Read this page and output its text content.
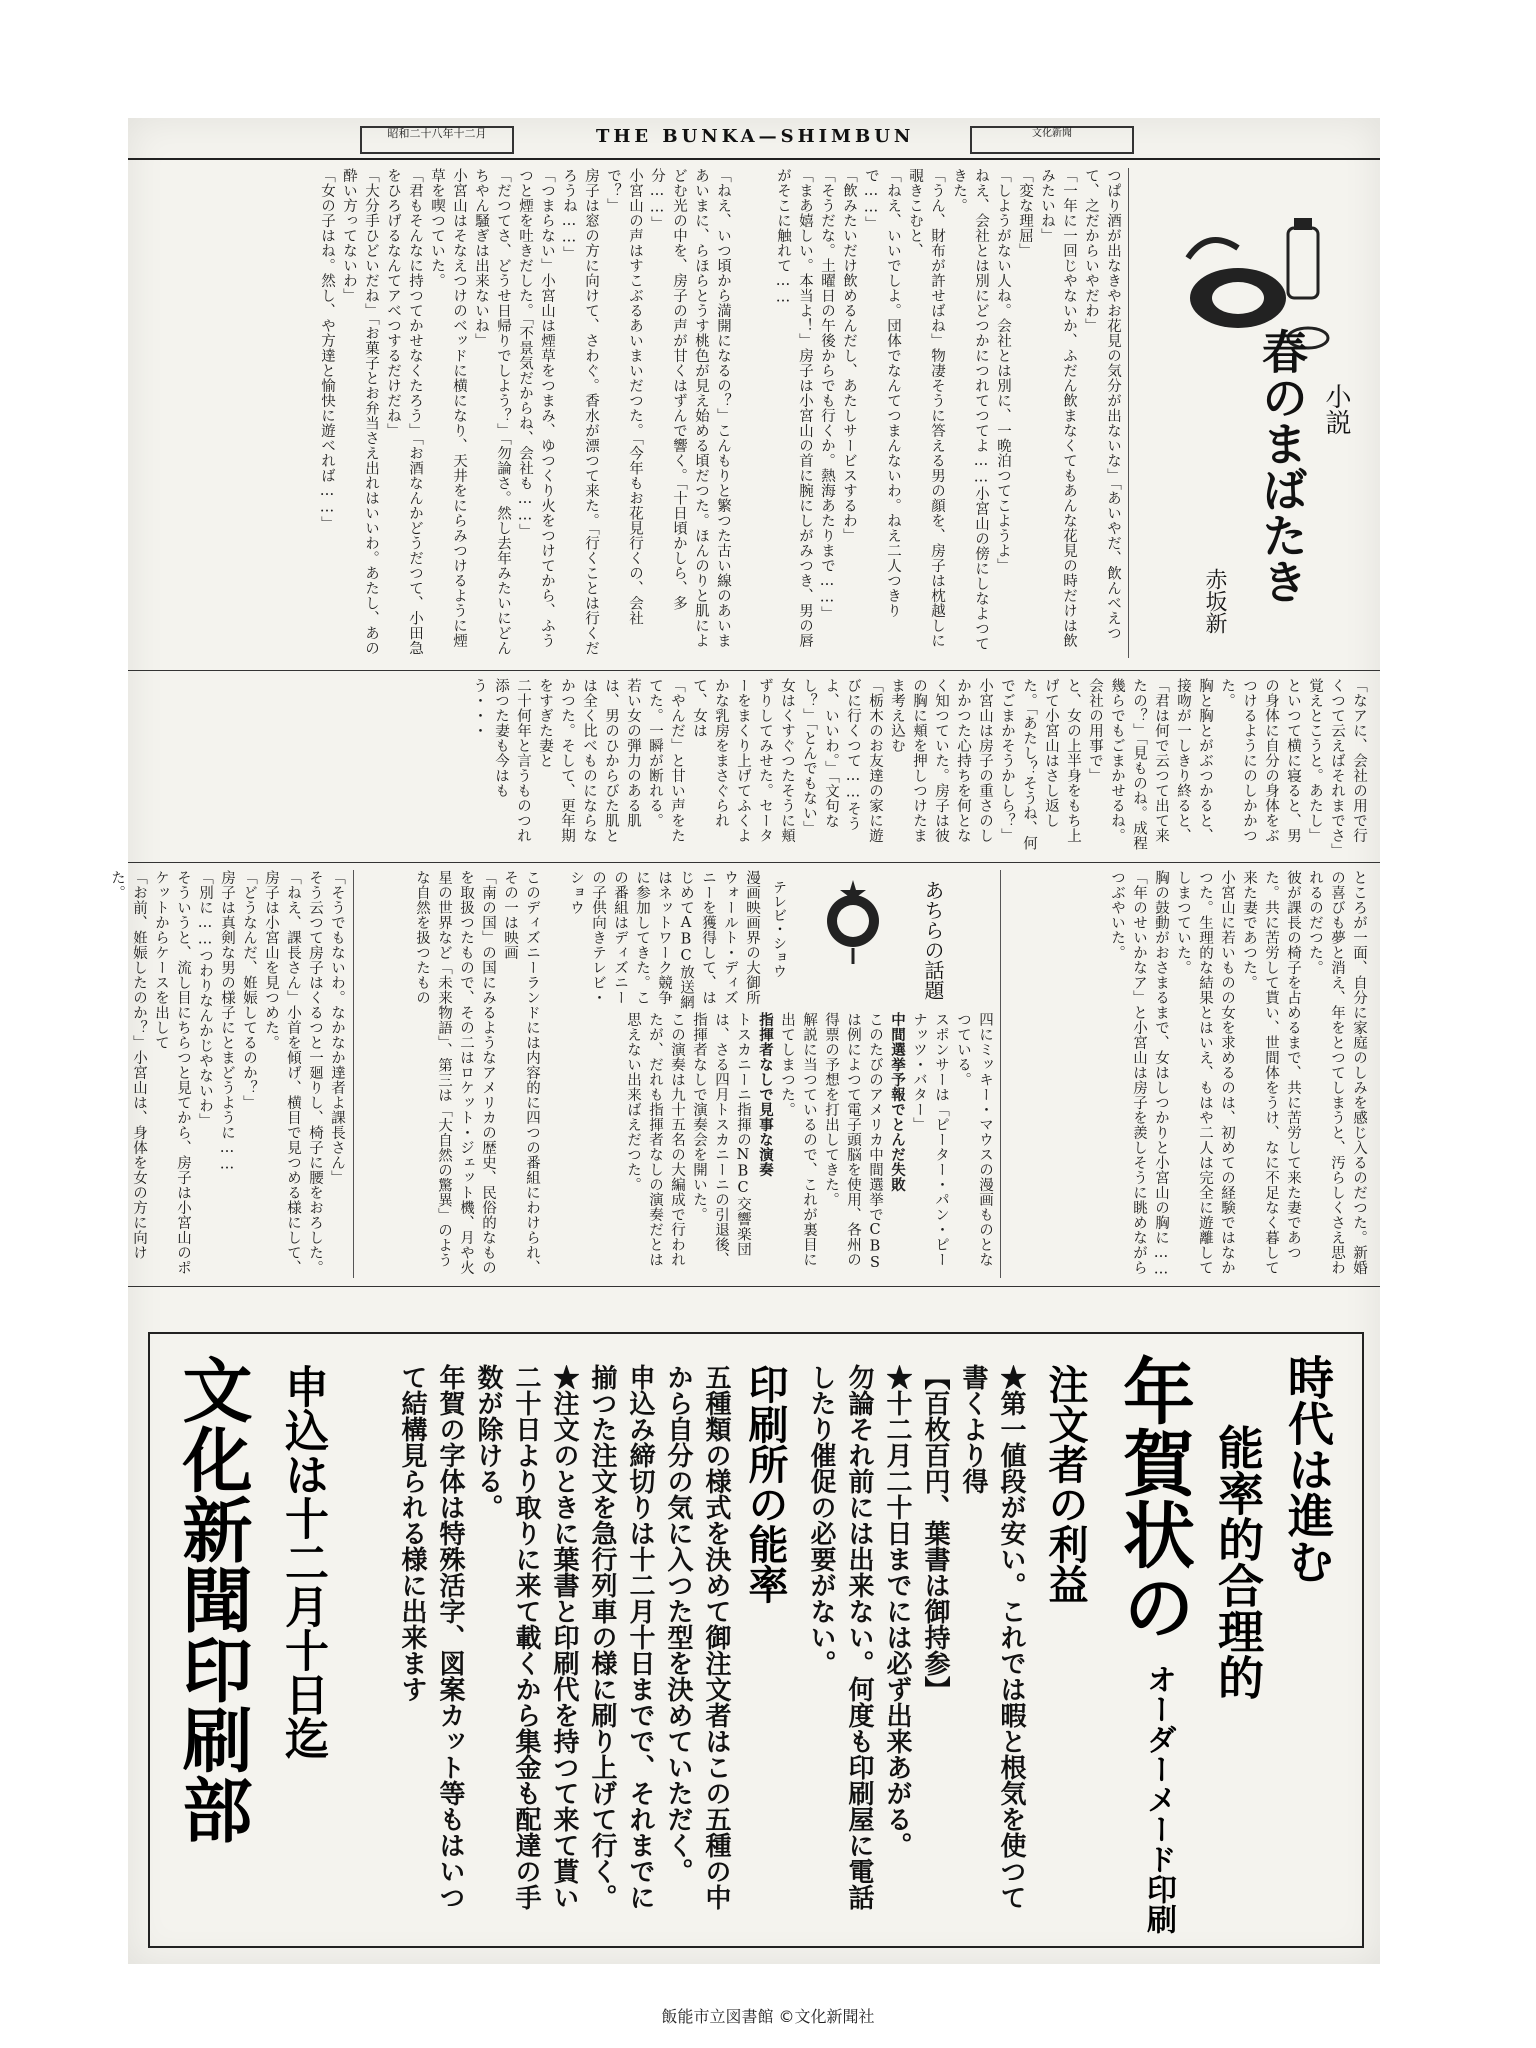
昭和二十八年十二月	THE BUNKA—SHIMBUN	文化新聞
小説
春のまばたき
赤坂新
つぱり酒が出なきやお花見の気分が出ないな」「あいやだ、飲んべえつて、之だからいやだわ」
「一年に一回じやないか、ふだん飲まなくてもあんな花見の時だけは飲みたいね」
「変な理屈」
「しようがない人ね。会社とは別に、一晩泊つてこようよ」
ねえ、会社とは別にどつかにつれてつてよ……小宮山の傍にしなよつてきた。
「うん、財布が許せばね」物凄そうに答える男の顔を、房子は枕越しに覗きこむと、
「ねえ、いいでしよ。団体でなんてつまんないわ。ねえ二人つきりで……」
「飲みたいだけ飲めるんだし、あたしサービスするわ」
「そうだな。土曜日の午後からでも行くか。熱海あたりまで……」
「まあ嬉しい。本当よ！」房子は小宮山の首に腕にしがみつき、男の唇がそこに触れて……
「ねえ、いつ頃から満開になるの？」こんもりと繁つた古い線のあいまあいまに、らほらとうす桃色が見え始める頃だつた。ほんのりと肌によどむ光の中を、房子の声が甘くはずんで響く。「十日頃かしら、多分……」
小宮山の声はすこぶるあいまいだつた。「今年もお花見行くの、会社で？」
房子は窓の方に向けて、さわぐ。香水が漂つて来た。「行くことは行くだろうね……」
「つまらない」小宮山は煙草をつまみ、ゆつくり火をつけてから、ふうつと煙を吐きだした。「不景気だからね、会社も……」
「だつてさ、どうせ日帰りでしよう？」「勿論さ。然し去年みたいにどんちやん騒ぎは出来ないね」
小宮山はそなえつけのベッドに横になり、天井をにらみつけるように煙草を喫つていた。
「君もそんなに持つてかせなくたろう」「お酒なんかどうだつて、小田急をひろげるなんてアべつするだけだね」
「大分手ひどいだね」「お菓子とお弁当さえ出れはいいわ。あたし、あの酔い方ってないわ」
「女の子はね。然し、や方達と愉快に遊べれば……」
「なアに、会社の用で行くつて云えばそれまでさ」
覚えとこうと。あたし」といつて横に寝ると、男の身体に自分の身体をぶつけるようにのしかかつた。
胸と胸とがぶつかると、接吻が一しきり終ると、「君は何で云つて出て来たの？」「見ものね。成程幾らでもごまかせるね。会社の用事で」
と、女の上半身をもち上げて小宮山はさし返した。「あたし？そうね、何でごまかそうかしら？」
小宮山は房子の重さのしかかつた心持ちを何となく知つていた。房子は彼の胸に頬を押しつけたまま考え込む
「栃木のお友達の家に遊びに行くつて……そうよ、いいわ。」「文句なし？」「とんでもない」
女はくすぐつたそうに頬ずりしてみせた。セーターをまくり上げてふくよかな乳房をまさぐられて、女は
「やんだ」と甘い声をたてた。一瞬が断れる。
若い女の弾力のある肌は、男のひからびた肌とは全く比べものにならなかつた。そして、更年期をすぎた妻と
二十何年と言うものつれ添つた妻も今はもう・・・
ところが一面、自分に家庭のしみを感じ入るのだつた。新婚の喜びも夢と消え、年をとつてしまうと、汚らしくさえ思われるのだつた。
彼が課長の椅子を占めるまで、共に苦労して来た妻であつた。共に苦労して貰い、世間体をうけ、なに不足なく暮して来た妻であつた。
小宮山に若いものの女を求めるのは、初めての経験ではなかつた。生理的な結果とはいえ、もはや二人は完全に遊離してしまつていた。
胸の鼓動がおさまるまで、女はしつかりと小宮山の胸に……
「年のせいかなア」と小宮山は房子を羨しそうに眺めながらつぶやいた。
四にミッキー・マウスの漫画ものとなつている。
スポンサーは「ピーター・パン・ピーナッツ・バター」
中間選挙予報でとんだ失敗
このたびのアメリカ中間選挙でCBSは例によつて電子頭脳を使用、各州の得票の予想を打出してきた。
解説に当つているので、これが裏目に出てしまつた。
指揮者なしで見事な演奏
トスカニーニ指揮のNBC交響楽団は、さる四月トスカニーニの引退後、指揮者なしで演奏会を開いた。
この演奏は九十五名の大編成で行われたが、だれも指揮者なしの演奏だとは思えない出来ばえだつた。
あちらの話題
テレビ・ショウ
漫画映画界の大御所ウォールト・ディズニーを獲得して、はじめてABC放送網はネットワーク競争に参加してきた。この番組はディズニーの子供向きテレビ・ショウ
このディズニーランドには内容的に四つの番組にわけられ、その一は映画
「南の国」の国にみるようなアメリカの歴史、民俗的なものを取扱つたもので、その二はロケット・ジェット機、月や火星の世界など「未来物語」、第三は「大自然の驚異」のような自然を扱つたもの
「そうでもないわ。なかなか達者よ課長さん」
そう云つて房子はくるつと一廻りし、椅子に腰をおろした。
「ねえ、課長さん」小首を傾げ、横目で見つめる様にして、房子は小宮山を見つめた。
「どうなんだ、姙娠してるのか？」
房子は真剣な男の様子にとまどうように……
「別に……つわりなんかじやないわ」
そういうと、流し目にちらつと見てから、房子は小宮山のポケットからケースを出して
「お前、姙娠したのか？」小宮山は、身体を女の方に向けた。
時代は進む
能率的合理的
年賀状の
オーダーメード印刷
注文者の利益
★第一値段が安い。これでは暇と根気を使つて書くより得
【百枚百円、葉書は御持参】
★十二月二十日までには必ず出来あがる。
勿論それ前には出来ない。何度も印刷屋に電話したり催促の必要がない。
印刷所の能率
五種類の様式を決めて御注文者はこの五種の中から自分の気に入つた型を決めていただく。
申込み締切りは十二月十日までで、それまでに揃つた注文を急行列車の様に刷り上げて行く。
★注文のときに葉書と印刷代を持つて来て貰い二十日より取りに来て載くから集金も配達の手数が除ける。
年賀の字体は特殊活字、図案カット等もはいつて結構見られる様に出来ます
申込は十二月十日迄
文化新聞印刷部
飯能市立図書館 ©文化新聞社
